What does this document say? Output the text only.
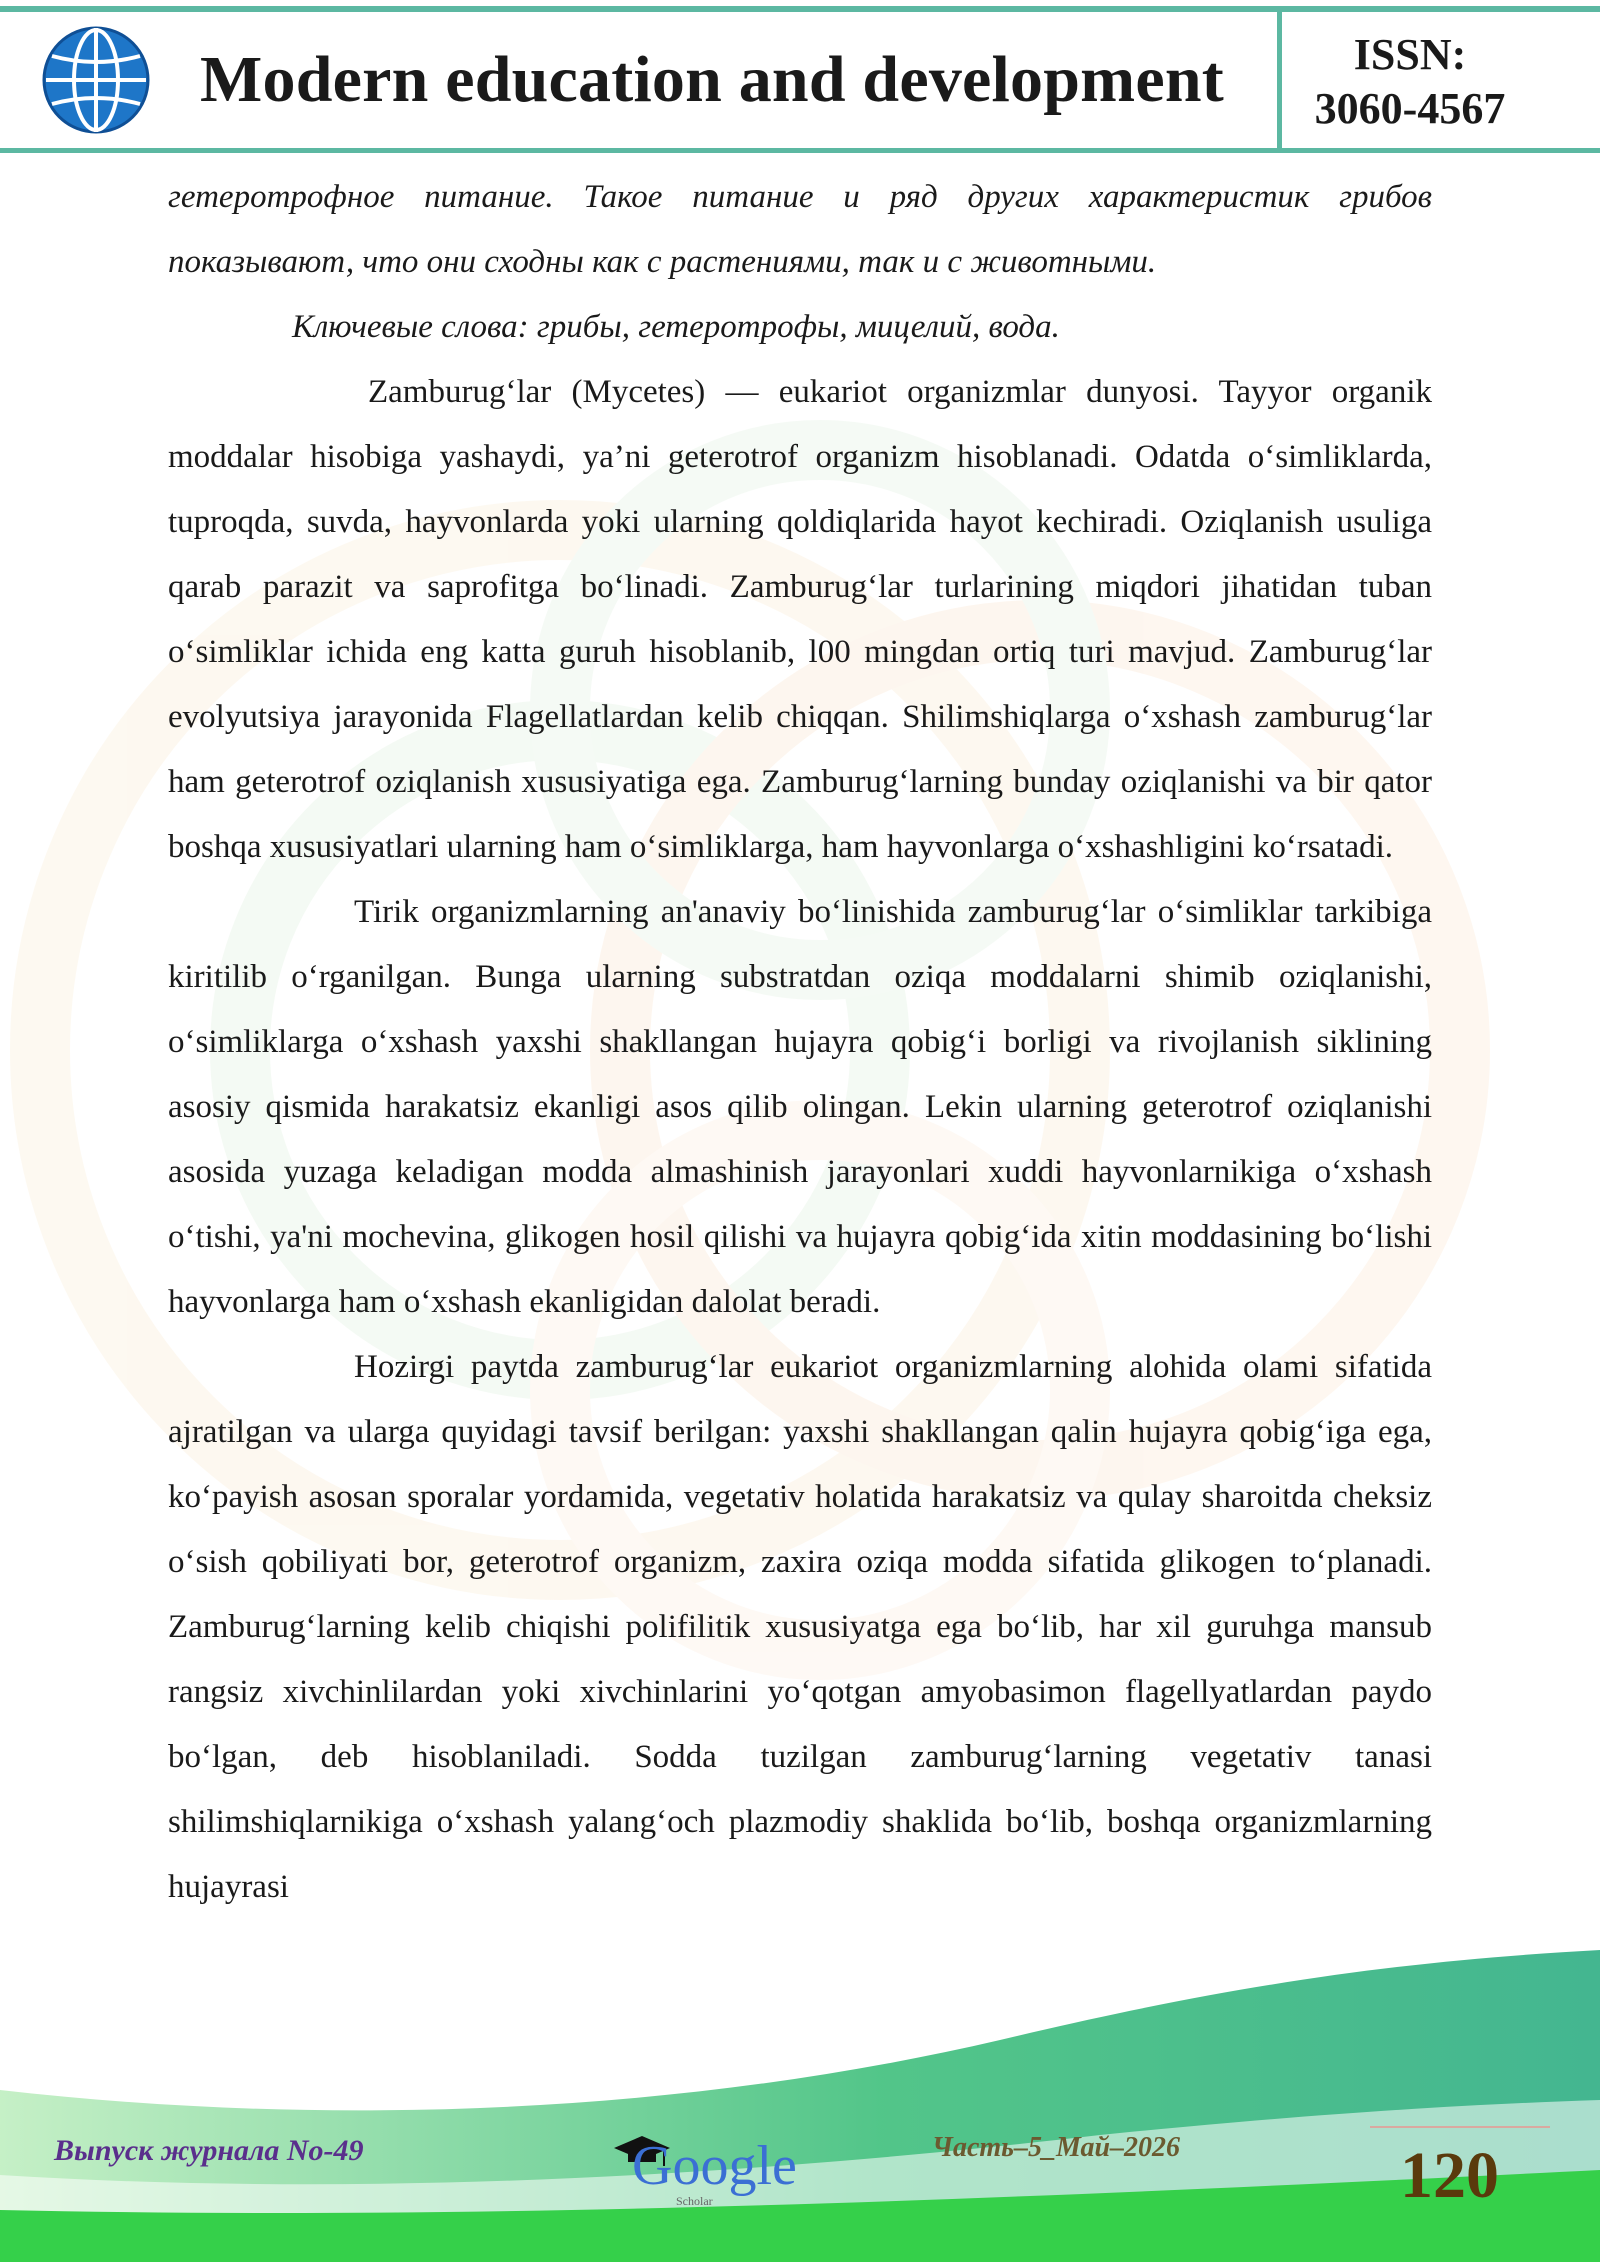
Modern education and development	ISSN:
3060-4567

гетеротрофное питание. Такое питание и ряд других характеристик грибов показывают, что они сходны как с растениями, так и с животными.

Ключевые слова: грибы, гетеротрофы, мицелий, вода.

Zamburug‘lar (Mycetes) — eukariot organizmlar dunyosi. Tayyor organik moddalar hisobiga yashaydi, ya’ni geterotrof organizm hisoblanadi. Odatda o‘simliklarda, tuproqda, suvda, hayvonlarda yoki ularning qoldiqlarida hayot kechiradi. Oziqlanish usuliga qarab parazit va saprofitga bo‘linadi. Zamburug‘lar turlarining miqdori jihatidan tuban o‘simliklar ichida eng katta guruh hisoblanib, l00 mingdan ortiq turi mavjud. Zamburug‘lar evolyutsiya jarayonida Flagellatlardan kelib chiqqan. Shilimshiqlarga o‘xshash zamburug‘lar ham geterotrof oziqlanish xususiyatiga ega. Zamburug‘larning bunday oziqlanishi va bir qator boshqa xususiyatlari ularning ham o‘simliklarga, ham hayvonlarga o‘xshashligini ko‘rsatadi.

Tirik organizmlarning an'anaviy bo‘linishida zamburug‘lar o‘simliklar tarkibiga kiritilib o‘rganilgan. Bunga ularning substratdan oziqa moddalarni shimib oziqlanishi, o‘simliklarga o‘xshash yaxshi shakllangan hujayra qobig‘i borligi va rivojlanish siklining asosiy qismida harakatsiz ekanligi asos qilib olingan. Lekin ularning geterotrof oziqlanishi asosida yuzaga keladigan modda almashinish jarayonlari xuddi hayvonlarnikiga o‘xshash o‘tishi, ya'ni mochevina, glikogen hosil qilishi va hujayra qobig‘ida xitin moddasining bo‘lishi hayvonlarga ham o‘xshash ekanligidan dalolat beradi.

Hozirgi paytda zamburug‘lar eukariot organizmlarning alohida olami sifatida ajratilgan va ularga quyidagi tavsif berilgan: yaxshi shakllangan qalin hujayra qobig‘iga ega, ko‘payish asosan sporalar yordamida, vegetativ holatida harakatsiz va qulay sharoitda cheksiz o‘sish qobiliyati bor, geterotrof organizm, zaxira oziqa modda sifatida glikogen to‘planadi. Zamburug‘larning kelib chiqishi polifilitik xususiyatga ega bo‘lib, har xil guruhga mansub rangsiz xivchinlilardan yoki xivchinlarini yo‘qotgan amyobasimon flagellyatlardan paydo bo‘lgan, deb hisoblaniladi. Sodda tuzilgan zamburug‘larning vegetativ tanasi shilimshiqlarnikiga o‘xshash yalang‘och plazmodiy shaklida bo‘lib, boshqa organizmlarning hujayrasi

Выпуск журнала No-49	Google
Scholar
Часть–5_Май–2026	120
